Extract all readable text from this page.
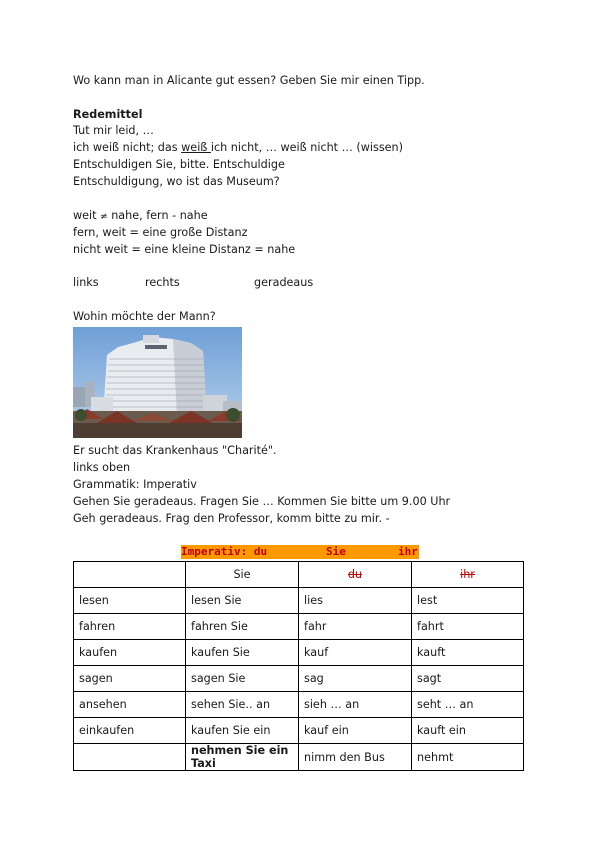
Wo kann man in Alicante gut essen? Geben Sie mir einen Tipp.
Redemittel
Tut mir leid, …
ich weiß nicht; das weiß ich nicht, … weiß nicht … (wissen)
Entschuldigen Sie, bitte. Entschuldige
Entschuldigung, wo ist das Museum?
weit ≠ nahe, fern - nahe
fern, weit = eine große Distanz
nicht weit = eine kleine Distanz = nahe
links	rechts	geradeaus
Wohin möchte der Mann?
Er sucht das Krankenhaus "Charité".
links oben
Grammatik: Imperativ
Gehen Sie geradeaus. Fragen Sie … Kommen Sie bitte um 9.00 Uhr
Geh geradeaus. Frag den Professor, komm bitte zu mir. -
Imperativ: du	Sie	ihr
	Sie	du	ihr
lesen	lesen Sie	lies	lest
fahren	fahren Sie	fahr	fahrt
kaufen	kaufen Sie	kauf	kauft
sagen	sagen Sie	sag	sagt
ansehen	sehen Sie.. an	sieh … an	seht … an
einkaufen	kaufen Sie ein	kauf ein	kauft ein
	nehmen Sie ein Taxi	nimm den Bus	nehmt
